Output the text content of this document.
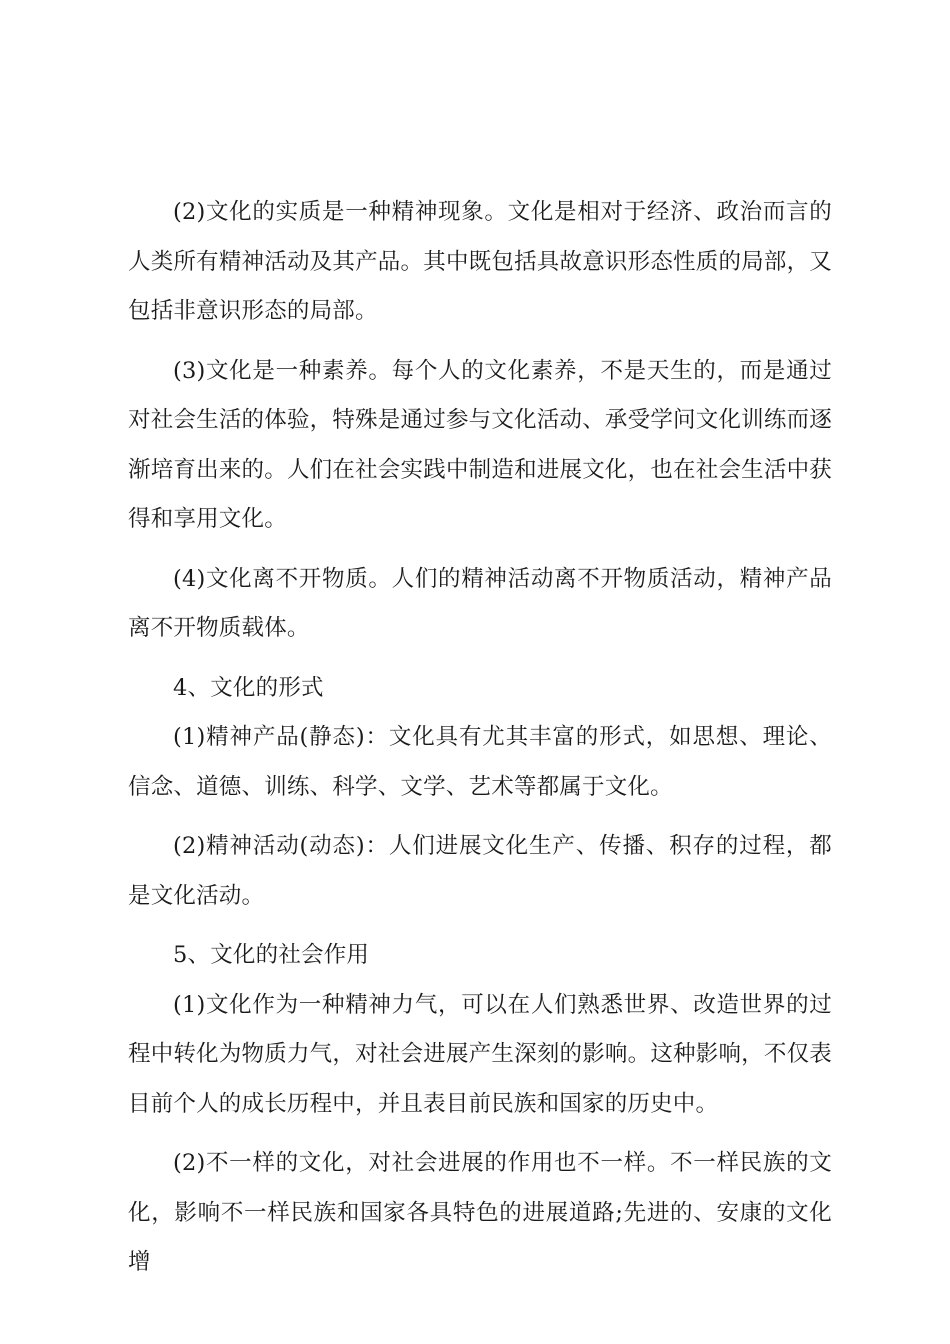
(2)文化的实质是一种精神现象。文化是相对于经济、政治而言的人类所有精神活动及其产品。其中既包括具故意识形态性质的局部，又包括非意识形态的局部。

(3)文化是一种素养。每个人的文化素养，不是天生的，而是通过对社会生活的体验，特殊是通过参与文化活动、承受学问文化训练而逐渐培育出来的。人们在社会实践中制造和进展文化，也在社会生活中获得和享用文化。

(4)文化离不开物质。人们的精神活动离不开物质活动，精神产品离不开物质载体。

4、文化的形式

(1)精神产品(静态)：文化具有尤其丰富的形式，如思想、理论、信念、道德、训练、科学、文学、艺术等都属于文化。

(2)精神活动(动态)：人们进展文化生产、传播、积存的过程，都是文化活动。

5、文化的社会作用

(1)文化作为一种精神力气，可以在人们熟悉世界、改造世界的过程中转化为物质力气，对社会进展产生深刻的影响。这种影响，不仅表目前个人的成长历程中，并且表目前民族和国家的历史中。

(2)不一样的文化，对社会进展的作用也不一样。不一样民族的文化，影响不一样民族和国家各具特色的进展道路;先进的、安康的文化增
